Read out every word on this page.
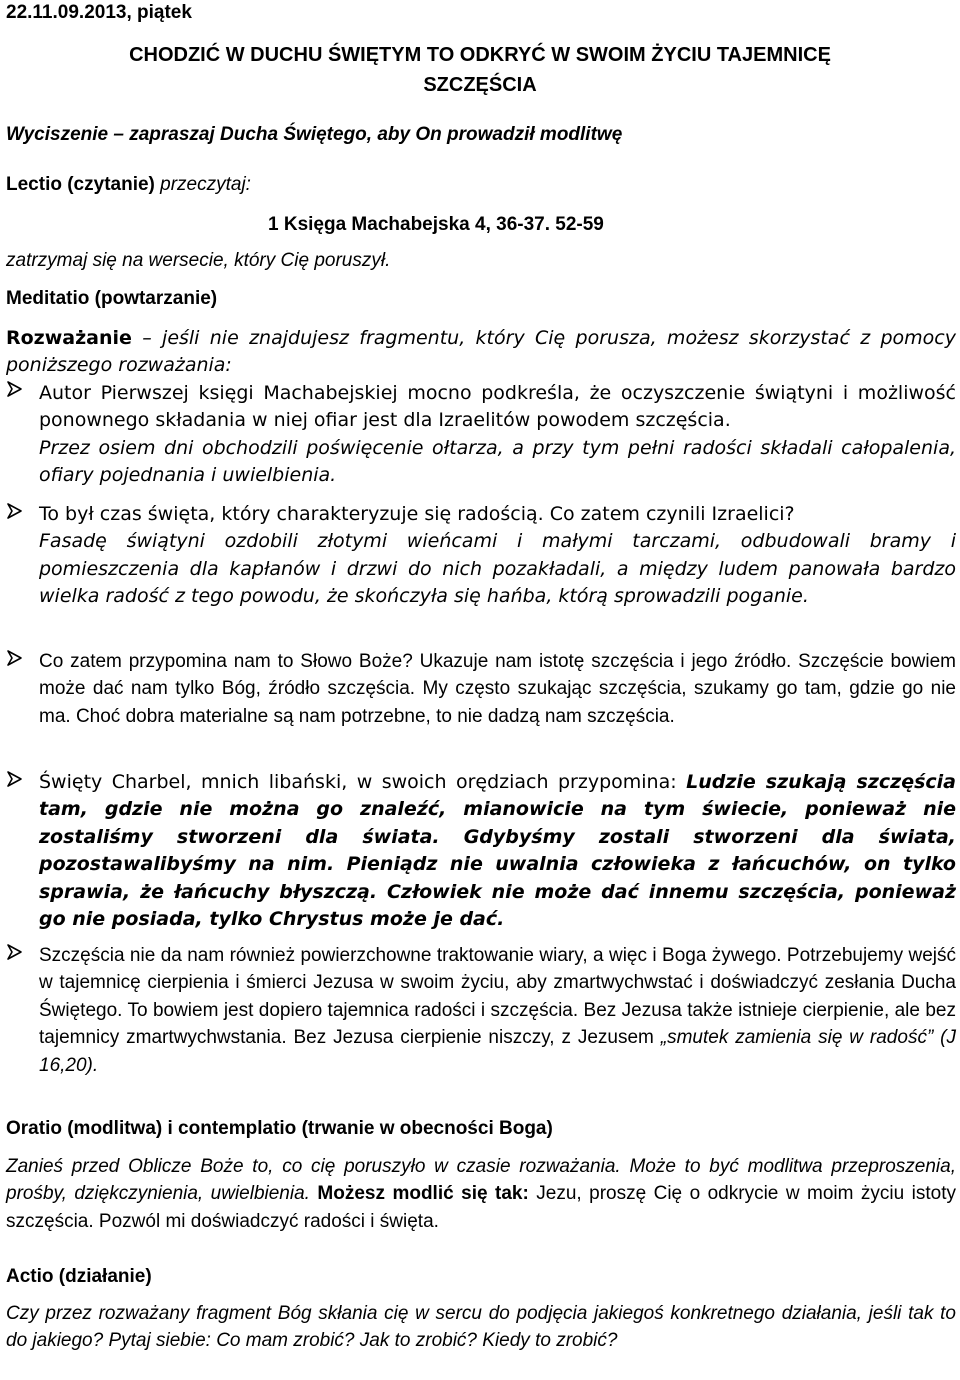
22.11.09.2013, piątek
CHODZIĆ W DUCHU ŚWIĘTYM TO ODKRYĆ W SWOIM ŻYCIU TAJEMNICĘ
SZCZĘŚCIA
Wyciszenie – zapraszaj Ducha Świętego, aby On prowadził modlitwę
Lectio (czytanie) przeczytaj:
1 Księga Machabejska 4, 36-37. 52-59
zatrzymaj się na wersecie, który Cię poruszył.
Meditatio (powtarzanie)
Rozważanie – jeśli nie znajdujesz fragmentu, który Cię porusza, możesz skorzystać z pomocy poniższego rozważania:

Autor Pierwszej księgi Machabejskiej mocno podkreśla, że oczyszczenie świątyni i możliwość ponownego składania w niej ofiar jest dla Izraelitów powodem szczęścia.

Przez osiem dni obchodzili poświęcenie ołtarza, a przy tym pełni radości składali całopalenia, ofiary pojednania i uwielbienia.

To był czas święta, który charakteryzuje się radością. Co zatem czynili Izraelici?

Fasadę świątyni ozdobili złotymi wieńcami i małymi tarczami, odbudowali bramy i pomieszczenia dla kapłanów i drzwi do nich pozakładali, a między ludem panowała bardzo wielka radość z tego powodu, że skończyła się hańba, którą sprowadzili poganie.

Co zatem przypomina nam to Słowo Boże? Ukazuje nam istotę szczęścia i jego źródło. Szczęście bowiem może dać nam tylko Bóg, źródło szczęścia. My często szukając szczęścia, szukamy go tam, gdzie go nie ma. Choć dobra materialne są nam potrzebne, to nie dadzą nam szczęścia.

Święty Charbel, mnich libański, w swoich orędziach przypomina: Ludzie szukają szczęścia tam, gdzie nie można go znaleźć, mianowicie na tym świecie, ponieważ nie zostaliśmy stworzeni dla świata. Gdybyśmy zostali stworzeni dla świata, pozostawalibyśmy na nim. Pieniądz nie uwalnia człowieka z łańcuchów, on tylko sprawia, że łańcuchy błyszczą. Człowiek nie może dać innemu szczęścia, ponieważ go nie posiada, tylko Chrystus może je dać.

Szczęścia nie da nam również powierzchowne traktowanie wiary, a więc i Boga żywego. Potrzebujemy wejść w tajemnicę cierpienia i śmierci Jezusa w swoim życiu, aby zmartwychwstać i doświadczyć zesłania Ducha Świętego. To bowiem jest dopiero tajemnica radości i szczęścia. Bez Jezusa także istnieje cierpienie, ale bez tajemnicy zmartwychwstania. Bez Jezusa cierpienie niszczy, z Jezusem „smutek zamienia się w radość” (J 16,20).

Oratio (modlitwa) i contemplatio (trwanie w obecności Boga)
Zanieś przed Oblicze Boże to, co cię poruszyło w czasie rozważania. Może to być modlitwa przeproszenia, prośby, dziękczynienia, uwielbienia. Możesz modlić się tak: Jezu, proszę Cię o odkrycie w moim życiu istoty szczęścia. Pozwól mi doświadczyć radości i święta.
Actio (działanie)
Czy przez rozważany fragment Bóg skłania cię w sercu do podjęcia jakiegoś konkretnego działania, jeśli tak to do jakiego? Pytaj siebie: Co mam zrobić? Jak to zrobić? Kiedy to zrobić?
